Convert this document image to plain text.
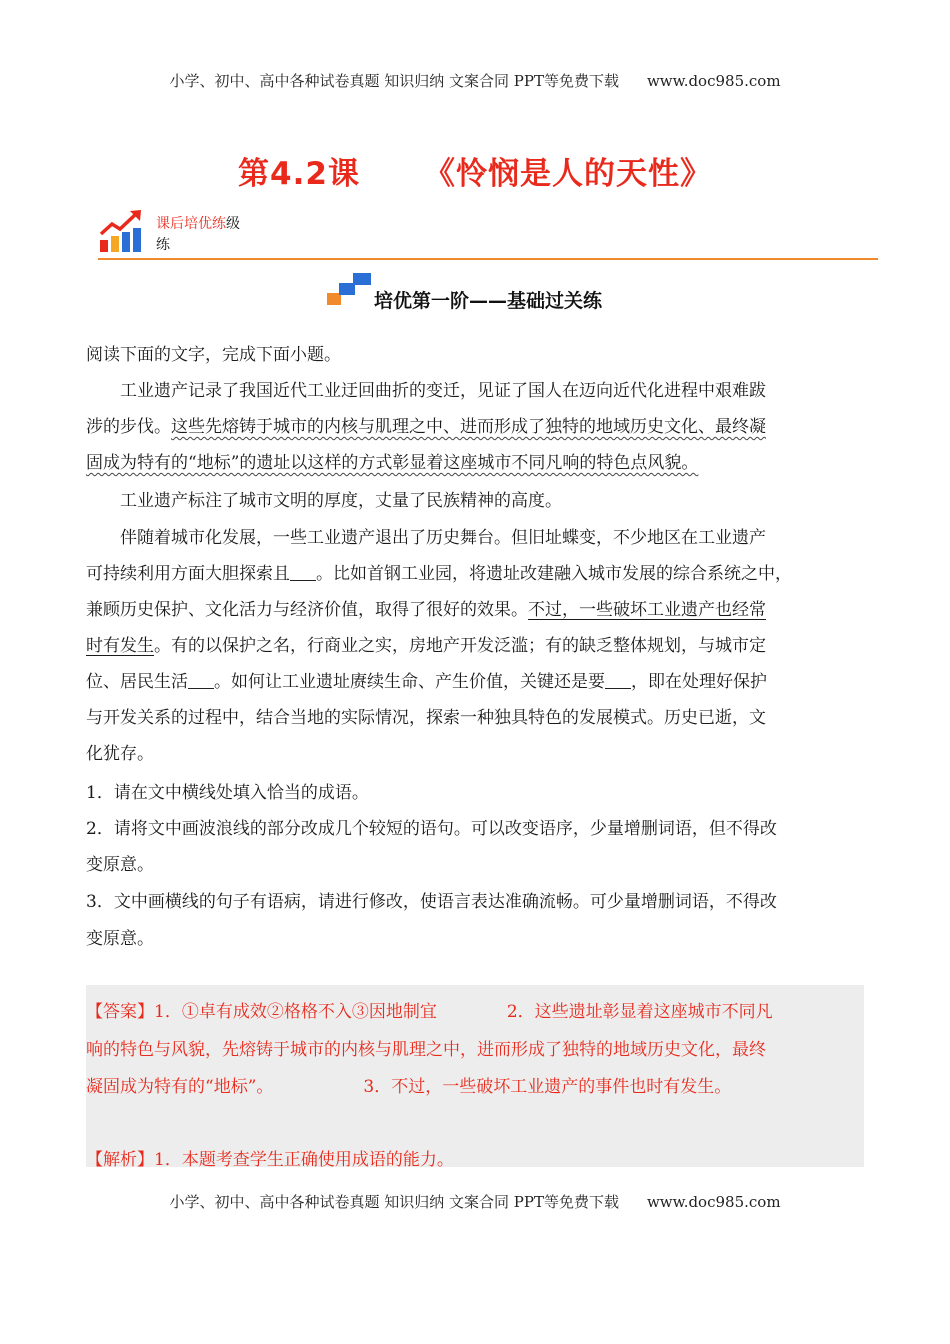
小学、初中、高中各种试卷真题 知识归纳 文案合同 PPT等免费下载 www.doc985.com
第4.2课 《怜悯是人的天性》
课后培优练级
练
培优第一阶——基础过关练
阅读下面的文字，完成下面小题。
工业遗产记录了我国近代工业迂回曲折的变迁，见证了国人在迈向近代化进程中艰难跋
涉的步伐。这些先熔铸于城市的内核与肌理之中、进而形成了独特的地域历史文化、最终凝
固成为特有的“地标”的遗址以这样的方式彰显着这座城市不同凡响的特色点风貌。
工业遗产标注了城市文明的厚度，丈量了民族精神的高度。
伴随着城市化发展，一些工业遗产退出了历史舞台。但旧址蝶变，不少地区在工业遗产
可持续利用方面大胆探索且 。比如首钢工业园，将遗址改建融入城市发展的综合系统之中，
兼顾历史保护、文化活力与经济价值，取得了很好的效果。不过，一些破坏工业遗产也经常
时有发生。有的以保护之名，行商业之实，房地产开发泛滥；有的缺乏整体规划，与城市定
位、居民生活 。如何让工业遗址赓续生命、产生价值，关键还是要 ，即在处理好保护
与开发关系的过程中，结合当地的实际情况，探索一种独具特色的发展模式。历史已逝，文
化犹存。
1．请在文中横线处填入恰当的成语。
2．请将文中画波浪线的部分改成几个较短的语句。可以改变语序，少量增删词语，但不得改
变原意。
3．文中画横线的句子有语病，请进行修改，使语言表达准确流畅。可少量增删词语，不得改
变原意。
【答案】1．①卓有成效②格格不入③因地制宜	2．这些遗址彰显着这座城市不同凡
响的特色与风貌，先熔铸于城市的内核与肌理之中，进而形成了独特的地域历史文化，最终
凝固成为特有的“地标”。	3．不过，一些破坏工业遗产的事件也时有发生。
【解析】1．本题考查学生正确使用成语的能力。
小学、初中、高中各种试卷真题 知识归纳 文案合同 PPT等免费下载 www.doc985.com
